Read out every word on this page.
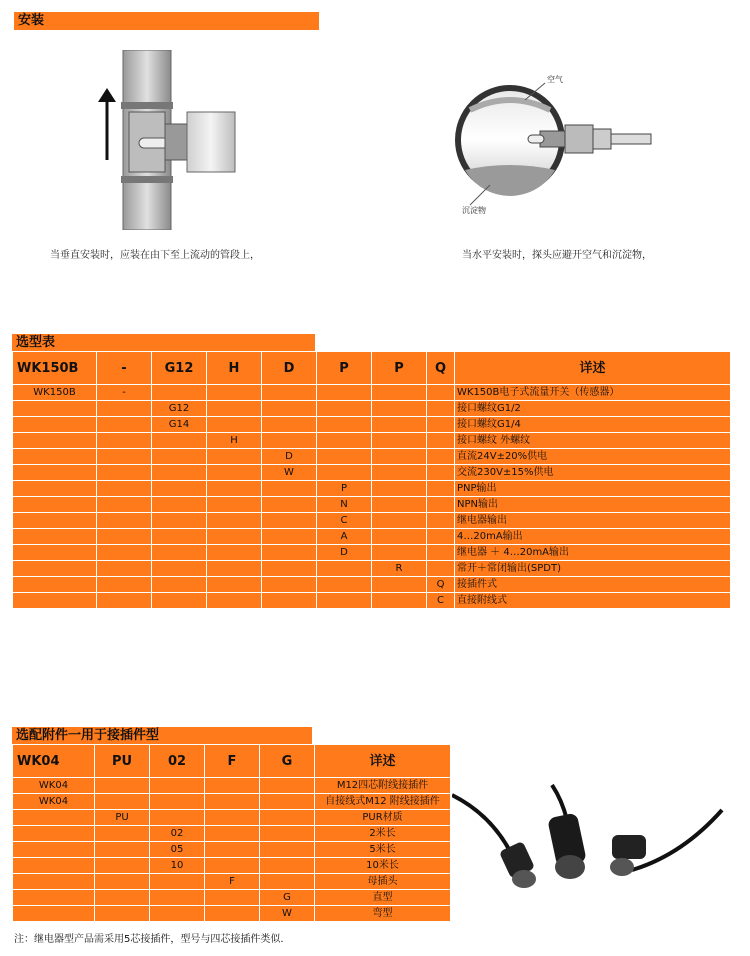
安装
空气
沉淀物
当垂直安装时，应装在由下至上流动的管段上，	当水平安装时，探头应避开空气和沉淀物，
选型表
WK150B	-	G12	H	D	P	P	Q	详述
WK150B	-							WK150B电子式流量开关（传感器）
		G12						接口螺纹G1/2
		G14						接口螺纹G1/4
			H					接口螺纹 外螺纹
				D				直流24V±20%供电
				W				交流230V±15%供电
					P			PNP输出
					N			NPN输出
					C			继电器输出
					A			4…20mA输出
					D			继电器 ＋ 4…20mA输出
						R		常开＋常闭输出(SPDT)
							Q	接插件式
							C	直接附线式
选配附件一用于接插件型
WK04	PU	02	F	G	详述
WK04					M12四芯附线接插件
WK04					自接线式M12 附线接插件
	PU				PUR材质
		02			2米长
		05			5米长
		10			10米长
			F		母插头
				G	直型
				W	弯型
注：继电器型产品需采用5芯接插件，型号与四芯接插件类似.
